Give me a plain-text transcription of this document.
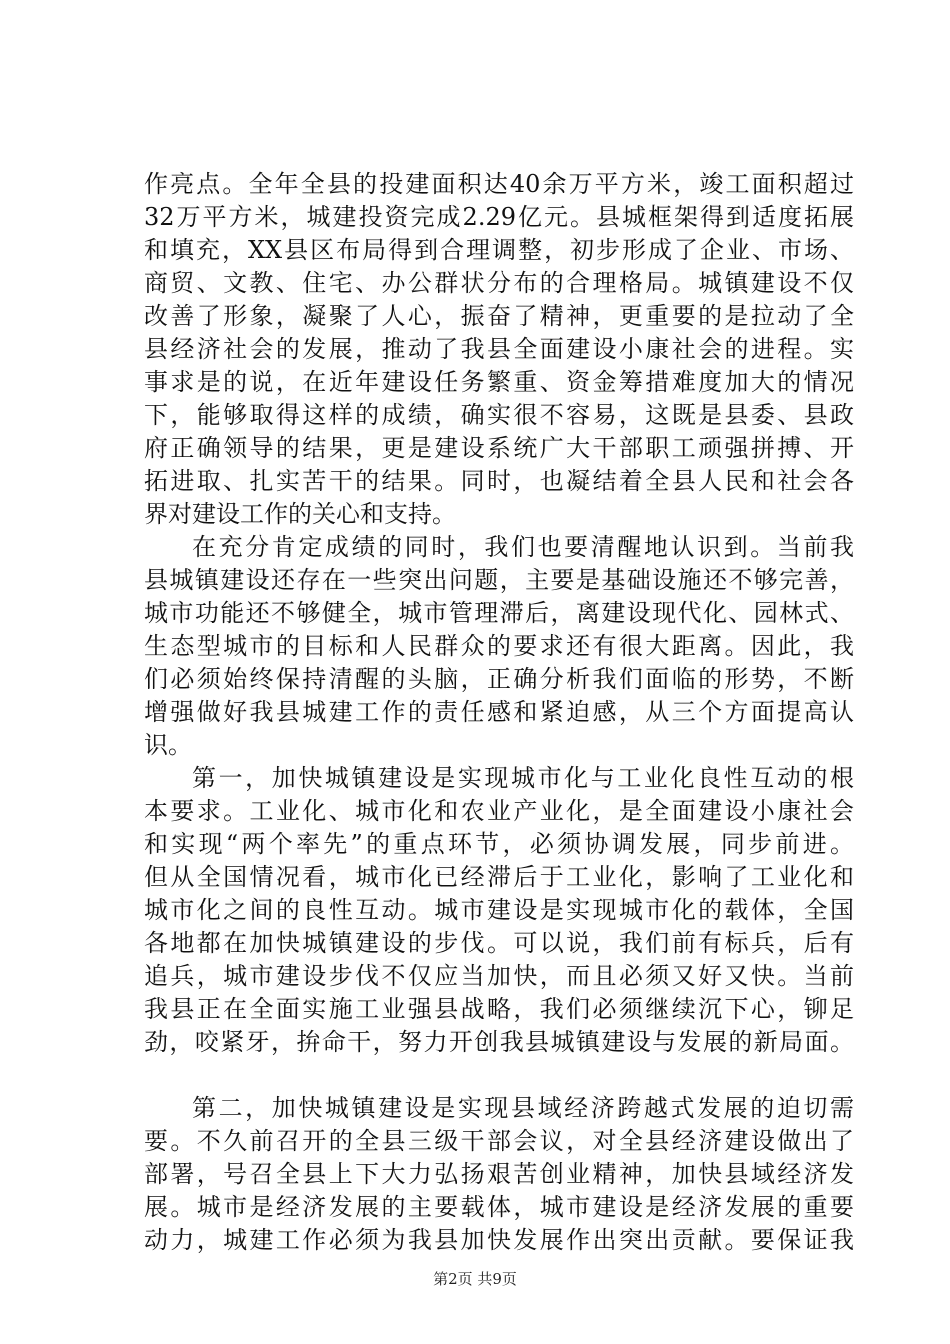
作亮点。全年全县的投建面积达40余万平方米，竣工面积超过
32万平方米，城建投资完成2.29亿元。县城框架得到适度拓展
和填充，XX县区布局得到合理调整，初步形成了企业、市场、
商贸、文教、住宅、办公群状分布的合理格局。城镇建设不仅
改善了形象，凝聚了人心，振奋了精神，更重要的是拉动了全
县经济社会的发展，推动了我县全面建设小康社会的进程。实
事求是的说，在近年建设任务繁重、资金筹措难度加大的情况
下，能够取得这样的成绩，确实很不容易，这既是县委、县政
府正确领导的结果，更是建设系统广大干部职工顽强拼搏、开
拓进取、扎实苦干的结果。同时，也凝结着全县人民和社会各
界对建设工作的关心和支持。
在充分肯定成绩的同时，我们也要清醒地认识到。当前我
县城镇建设还存在一些突出问题，主要是基础设施还不够完善，
城市功能还不够健全，城市管理滞后，离建设现代化、园林式、
生态型城市的目标和人民群众的要求还有很大距离。因此，我
们必须始终保持清醒的头脑，正确分析我们面临的形势，不断
增强做好我县城建工作的责任感和紧迫感，从三个方面提高认
识。
第一，加快城镇建设是实现城市化与工业化良性互动的根
本要求。工业化、城市化和农业产业化，是全面建设小康社会
和实现“两个率先”的重点环节，必须协调发展，同步前进。
但从全国情况看，城市化已经滞后于工业化，影响了工业化和
城市化之间的良性互动。城市建设是实现城市化的载体，全国
各地都在加快城镇建设的步伐。可以说，我们前有标兵，后有
追兵，城市建设步伐不仅应当加快，而且必须又好又快。当前
我县正在全面实施工业强县战略，我们必须继续沉下心，铆足
劲，咬紧牙，拚命干，努力开创我县城镇建设与发展的新局面。
第二，加快城镇建设是实现县域经济跨越式发展的迫切需
要。不久前召开的全县三级干部会议，对全县经济建设做出了
部署，号召全县上下大力弘扬艰苦创业精神，加快县域经济发
展。城市是经济发展的主要载体，城市建设是经济发展的重要
动力，城建工作必须为我县加快发展作出突出贡献。要保证我
第2页 共9页
